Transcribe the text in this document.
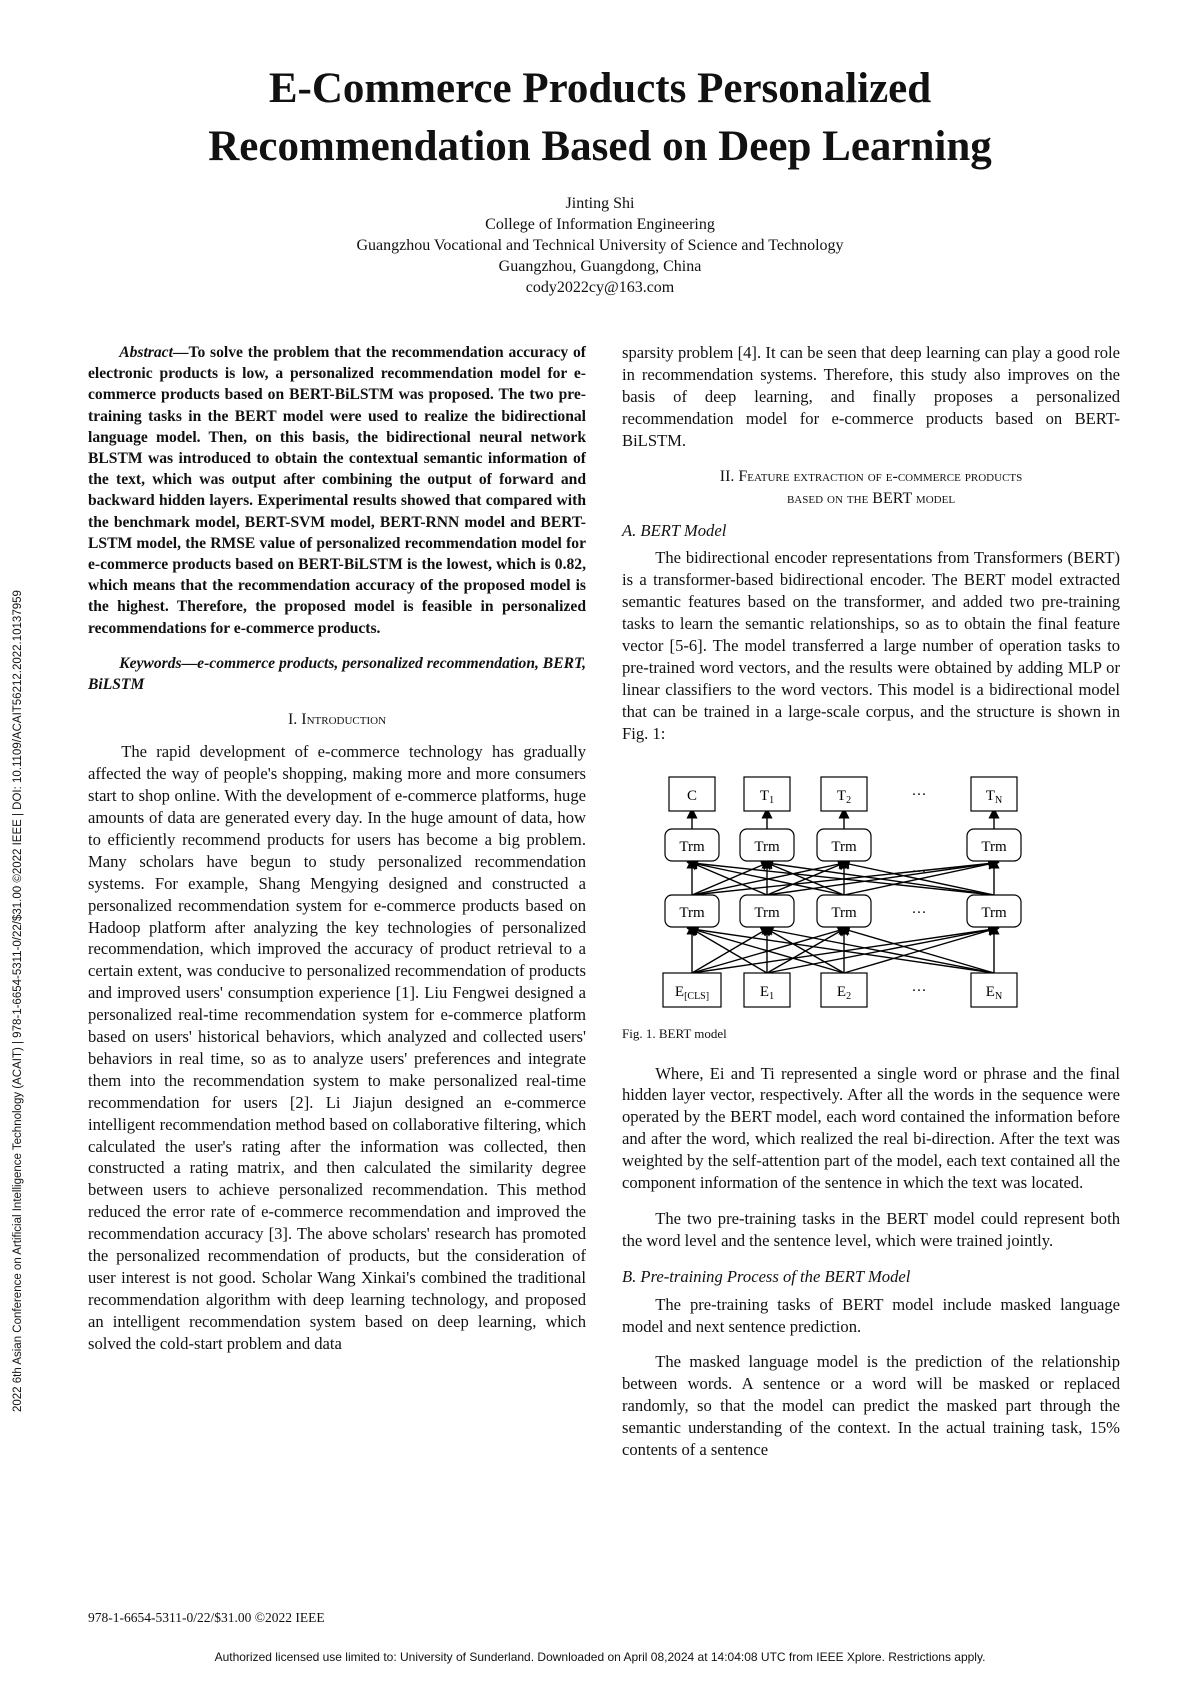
E-Commerce Products Personalized
Recommendation Based on Deep Learning
Jinting Shi
College of Information Engineering
Guangzhou Vocational and Technical University of Science and Technology
Guangzhou, Guangdong, China
cody2022cy@163.com
2022 6th Asian Conference on Artificial Intelligence Technology (ACAIT) | 978-1-6654-5311-0/22/$31.00 ©2022 IEEE | DOI: 10.1109/ACAIT56212.2022.10137959

Abstract—To solve the problem that the recommendation accuracy of electronic products is low, a personalized recommendation model for e-commerce products based on BERT-BiLSTM was proposed. The two pre-training tasks in the BERT model were used to realize the bidirectional language model. Then, on this basis, the bidirectional neural network BLSTM was introduced to obtain the contextual semantic information of the text, which was output after combining the output of forward and backward hidden layers. Experimental results showed that compared with the benchmark model, BERT-SVM model, BERT-RNN model and BERT-LSTM model, the RMSE value of personalized recommendation model for e-commerce products based on BERT-BiLSTM is the lowest, which is 0.82, which means that the recommendation accuracy of the proposed model is the highest. Therefore, the proposed model is feasible in personalized recommendations for e-commerce products.

Keywords—e-commerce products, personalized recommendation, BERT, BiLSTM

I. Introduction

The rapid development of e-commerce technology has gradually affected the way of people's shopping, making more and more consumers start to shop online. With the development of e-commerce platforms, huge amounts of data are generated every day. In the huge amount of data, how to efficiently recommend products for users has become a big problem. Many scholars have begun to study personalized recommendation systems. For example, Shang Mengying designed and constructed a personalized recommendation system for e-commerce products based on Hadoop platform after analyzing the key technologies of personalized recommendation, which improved the accuracy of product retrieval to a certain extent, was conducive to personalized recommendation of products and improved users' consumption experience [1]. Liu Fengwei designed a personalized real-time recommendation system for e-commerce platform based on users' historical behaviors, which analyzed and collected users' behaviors in real time, so as to analyze users' preferences and integrate them into the recommendation system to make personalized real-time recommendation for users [2]. Li Jiajun designed an e-commerce intelligent recommendation method based on collaborative filtering, which calculated the user's rating after the information was collected, then constructed a rating matrix, and then calculated the similarity degree between users to achieve personalized recommendation. This method reduced the error rate of e-commerce recommendation and improved the recommendation accuracy [3]. The above scholars' research has promoted the personalized recommendation of products, but the consideration of user interest is not good. Scholar Wang Xinkai's combined the traditional recommendation algorithm with deep learning technology, and proposed an intelligent recommendation system based on deep learning, which solved the cold-start problem and data

sparsity problem [4]. It can be seen that deep learning can play a good role in recommendation systems. Therefore, this study also improves on the basis of deep learning, and finally proposes a personalized recommendation model for e-commerce products based on BERT-BiLSTM.

II. Feature extraction of e-commerce products
based on the BERT model
A. BERT Model

The bidirectional encoder representations from Transformers (BERT) is a transformer-based bidirectional encoder. The BERT model extracted semantic features based on the transformer, and added two pre-training tasks to learn the semantic relationships, so as to obtain the final feature vector [5-6]. The model transferred a large number of operation tasks to pre-trained word vectors, and the results were obtained by adding MLP or linear classifiers to the word vectors. This model is a bidirectional model that can be trained in a large-scale corpus, and the structure is shown in Fig. 1:

C	$T_1$	$T_2$	···	$T_N$
Trm	Trm	Trm
···
Trm
Trm	Trm	Trm	···	Trm
$E_{[CLS]}$	$E_1$	$E_2$	···	$E_N$
Fig. 1. BERT model

Where, Ei and Ti represented a single word or phrase and the final hidden layer vector, respectively. After all the words in the sequence were operated by the BERT model, each word contained the information before and after the word, which realized the real bi-direction. After the text was weighted by the self-attention part of the model, each text contained all the component information of the sentence in which the text was located.

The two pre-training tasks in the BERT model could represent both the word level and the sentence level, which were trained jointly.

B. Pre-training Process of the BERT Model

The pre-training tasks of BERT model include masked language model and next sentence prediction.

The masked language model is the prediction of the relationship between words. A sentence or a word will be masked or replaced randomly, so that the model can predict the masked part through the semantic understanding of the context. In the actual training task, 15% contents of a sentence

978-1-6654-5311-0/22/$31.00 ©2022 IEEE
Authorized licensed use limited to: University of Sunderland. Downloaded on April 08,2024 at 14:04:08 UTC from IEEE Xplore. Restrictions apply.
